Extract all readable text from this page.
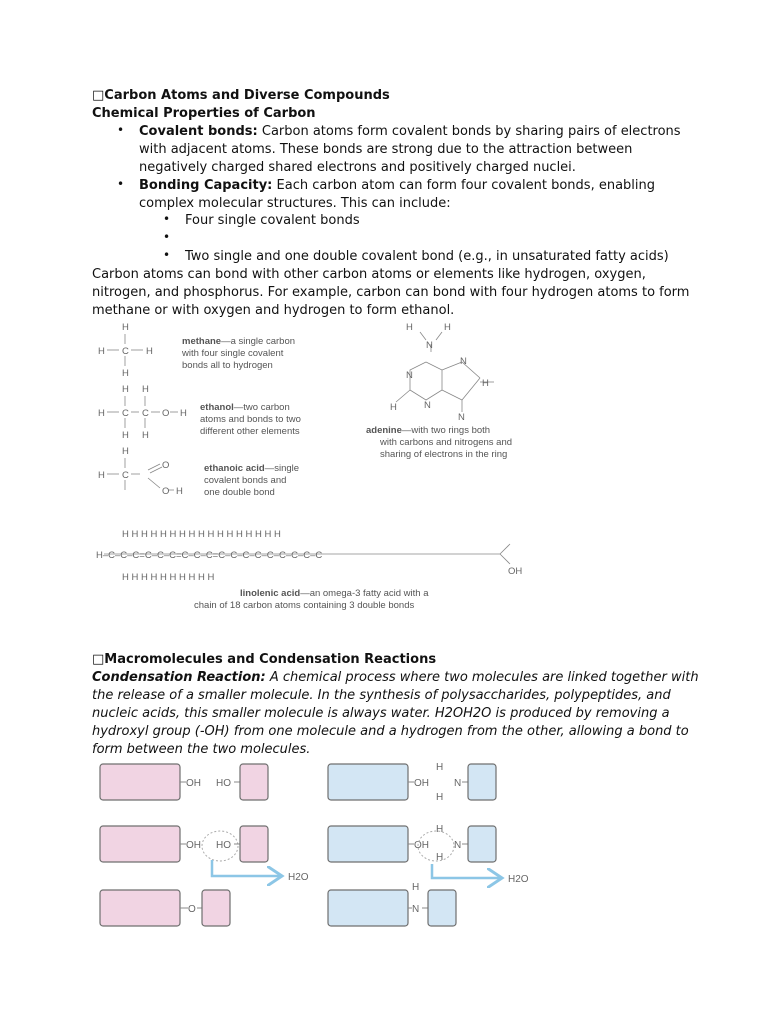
□Carbon Atoms and Diverse Compounds
Chemical Properties of Carbon
• Covalent bonds: Carbon atoms form covalent bonds by sharing pairs of electrons
with adjacent atoms. These bonds are strong due to the attraction between
negatively charged shared electrons and positively charged nuclei.
• Bonding Capacity: Each carbon atom can form four covalent bonds, enabling
complex molecular structures. This can include:
• Four single covalent bonds
•
• Two single and one double covalent bond (e.g., in unsaturated fatty acids)
Carbon atoms can bond with other carbon atoms or elements like hydrogen, oxygen,
nitrogen, and phosphorus. For example, carbon can bond with four hydrogen atoms to form
methane or with oxygen and hydrogen to form ethanol.
H
C
H	H
H
H H
H C C O H
H H
H
H C
O
O H
H	H
N
N
H
N
H	N
N
H H H H H H H H H H H H H H H H H
H–C–C–C=C–C–C=C–C–C=C–C–C–C–C–C–C–C–C
H H H H H H H H H H
OH
methane—a single carbon
with four single covalent
bonds all to hydrogen
ethanol—two carbon
atoms and bonds to two
different other elements
ethanoic acid—single
covalent bonds and
one double bond
adenine—with two rings both
with carbons and nitrogens and
sharing of electrons in the ring
linolenic acid—an omega-3 fatty acid with a
chain of 18 carbon atoms containing 3 double bonds
□Macromolecules and Condensation Reactions
Condensation Reaction: A chemical process where two molecules are linked together with
the release of a smaller molecule. In the synthesis of polysaccharides, polypeptides, and
nucleic acids, this smaller molecule is always water. H2OH2O is produced by removing a
hydroxyl group (-OH) from one molecule and a hydrogen from the other, allowing a bond to
form between the two molecules.
OH HO	OH
H
N
H
OH HO
H2O
OH
H
N
H
H2O
O
H
N
